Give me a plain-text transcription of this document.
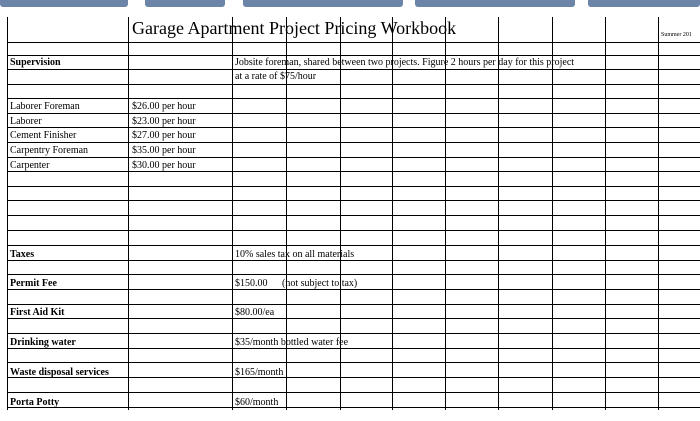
Garage Apartment Project Pricing Workbook	Summer 201
Supervision	Jobsite foreman, shared between two projects. Figure 2 hours per day for this project
at a rate of $75/hour
Laborer Foreman	$26.00 per hour
Laborer	$23.00 per hour
Cement Finisher	$27.00 per hour
Carpentry Foreman	$35.00 per hour
Carpenter	$30.00 per hour
Taxes	10% sales tax on all materials
Permit Fee	$150.00 (not subject to tax)
First Aid Kit	$80.00/ea
Drinking water	$35/month bottled water fee
Waste disposal services	$165/month
Porta Potty	$60/month
